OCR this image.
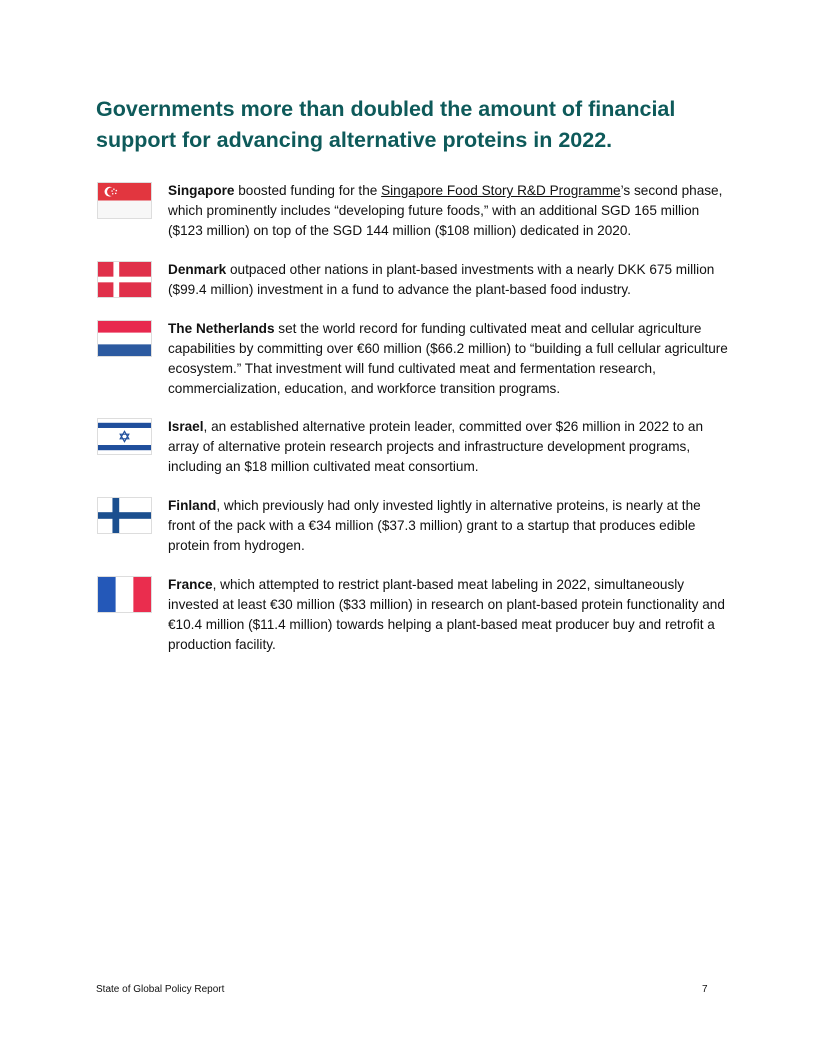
Governments more than doubled the amount of financial support for advancing alternative proteins in 2022.
Singapore boosted funding for the Singapore Food Story R&D Programme’s second phase, which prominently includes “developing future foods,” with an additional SGD 165 million ($123 million) on top of the SGD 144 million ($108 million) dedicated in 2020.
Denmark outpaced other nations in plant-based investments with a nearly DKK 675 million ($99.4 million) investment in a fund to advance the plant-based food industry.
The Netherlands set the world record for funding cultivated meat and cellular agriculture capabilities by committing over €60 million ($66.2 million) to “building a full cellular agriculture ecosystem.” That investment will fund cultivated meat and fermentation research, commercialization, education, and workforce transition programs.
Israel, an established alternative protein leader, committed over $26 million in 2022 to an array of alternative protein research projects and infrastructure development programs, including an $18 million cultivated meat consortium.
Finland, which previously had only invested lightly in alternative proteins, is nearly at the front of the pack with a €34 million ($37.3 million) grant to a startup that produces edible protein from hydrogen.
France, which attempted to restrict plant-based meat labeling in 2022, simultaneously invested at least €30 million ($33 million) in research on plant-based protein functionality and €10.4 million ($11.4 million) towards helping a plant-based meat producer buy and retrofit a production facility.
State of Global Policy Report	7
